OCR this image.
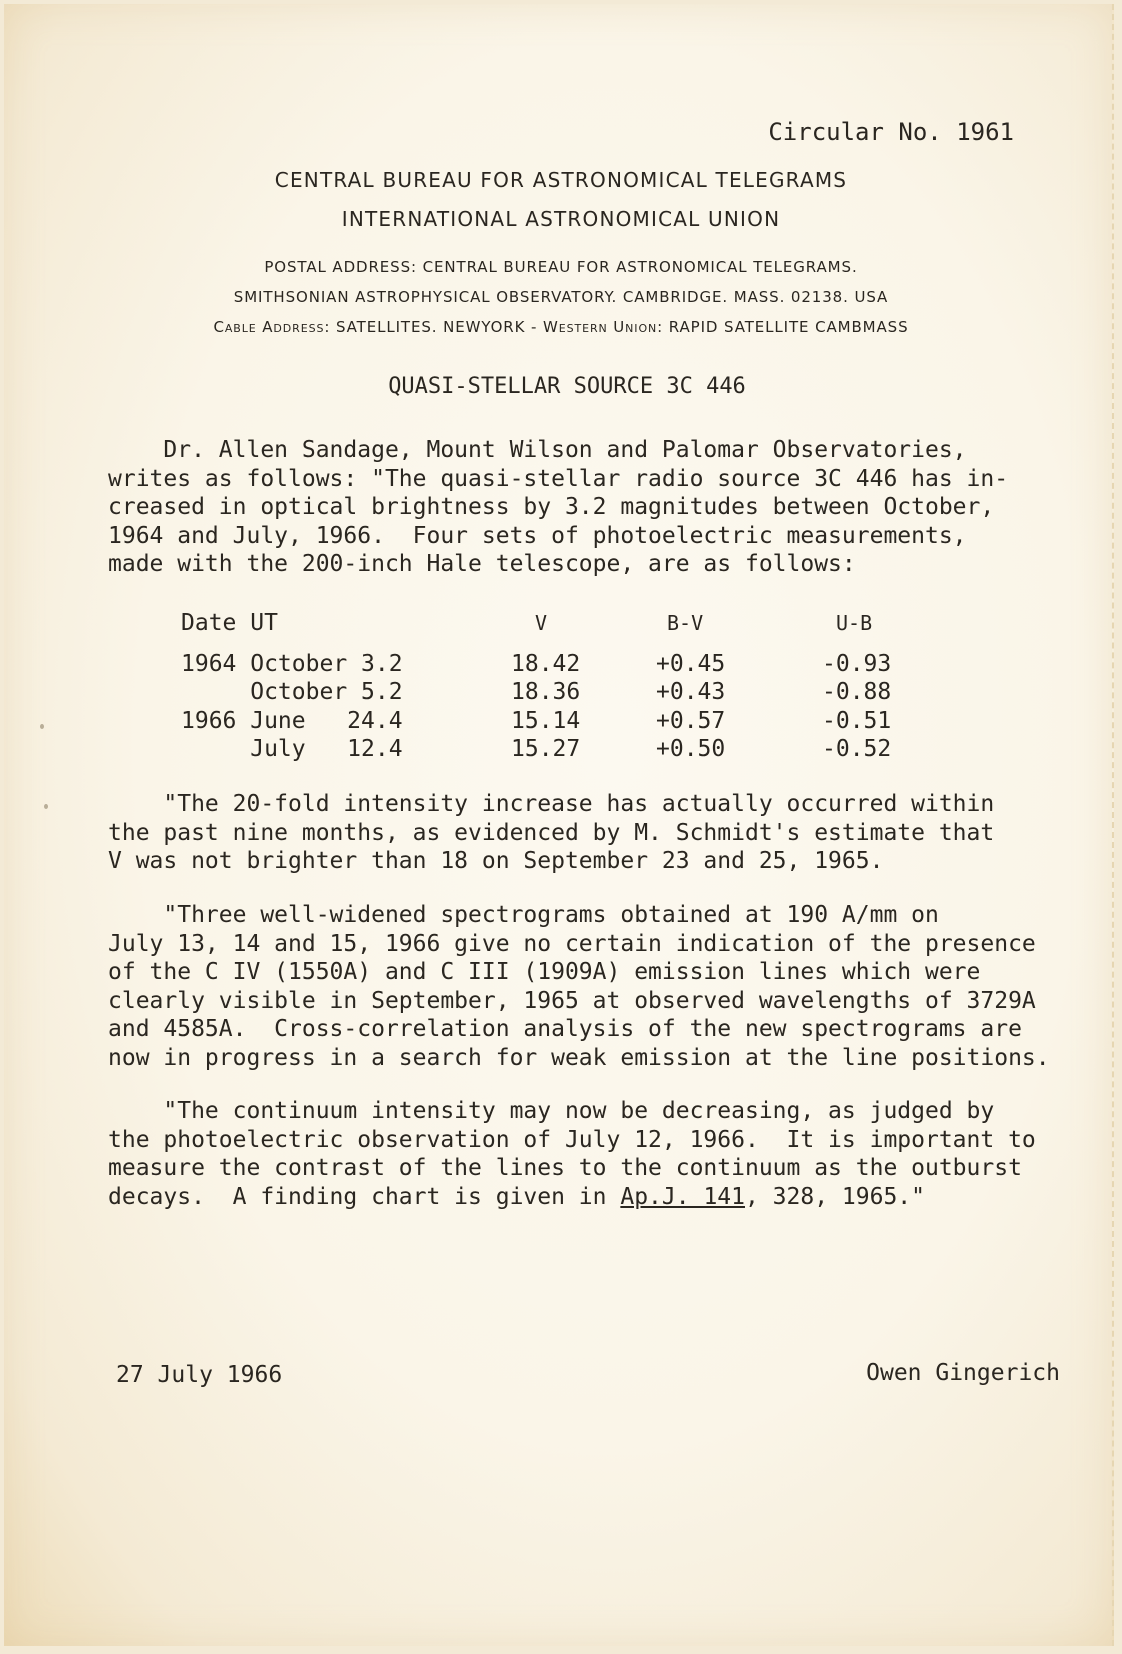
Circular No. 1961
CENTRAL BUREAU FOR ASTRONOMICAL TELEGRAMS
INTERNATIONAL ASTRONOMICAL UNION
POSTAL ADDRESS: CENTRAL BUREAU FOR ASTRONOMICAL TELEGRAMS.
SMITHSONIAN ASTROPHYSICAL OBSERVATORY. CAMBRIDGE. MASS. 02138. USA
Cable Address: SATELLITES. NEWYORK - Western Union: RAPID SATELLITE CAMBMASS
QUASI-STELLAR SOURCE 3C 446
Dr. Allen Sandage, Mount Wilson and Palomar Observatories,
writes as follows: "The quasi-stellar radio source 3C 446 has in-
creased in optical brightness by 3.2 magnitudes between October,
1964 and July, 1966.  Four sets of photoelectric measurements,
made with the 200-inch Hale telescope, are as follows:
Date UT	V	B-V	U-B
1964 October 3.2	18.42	+0.45	-0.93
October 5.2	18.36	+0.43	-0.88
1966 June   24.4	15.14	+0.57	-0.51
July   12.4	15.27	+0.50	-0.52
"The 20-fold intensity increase has actually occurred within
the past nine months, as evidenced by M. Schmidt's estimate that
V was not brighter than 18 on September 23 and 25, 1965.
"Three well-widened spectrograms obtained at 190 A/mm on
July 13, 14 and 15, 1966 give no certain indication of the presence
of the C IV (1550A) and C III (1909A) emission lines which were
clearly visible in September, 1965 at observed wavelengths of 3729A
and 4585A.  Cross-correlation analysis of the new spectrograms are
now in progress in a search for weak emission at the line positions.
"The continuum intensity may now be decreasing, as judged by
the photoelectric observation of July 12, 1966.  It is important to
measure the contrast of the lines to the continuum as the outburst
decays.  A finding chart is given in Ap.J. 141, 328, 1965."
27 July 1966	Owen Gingerich
